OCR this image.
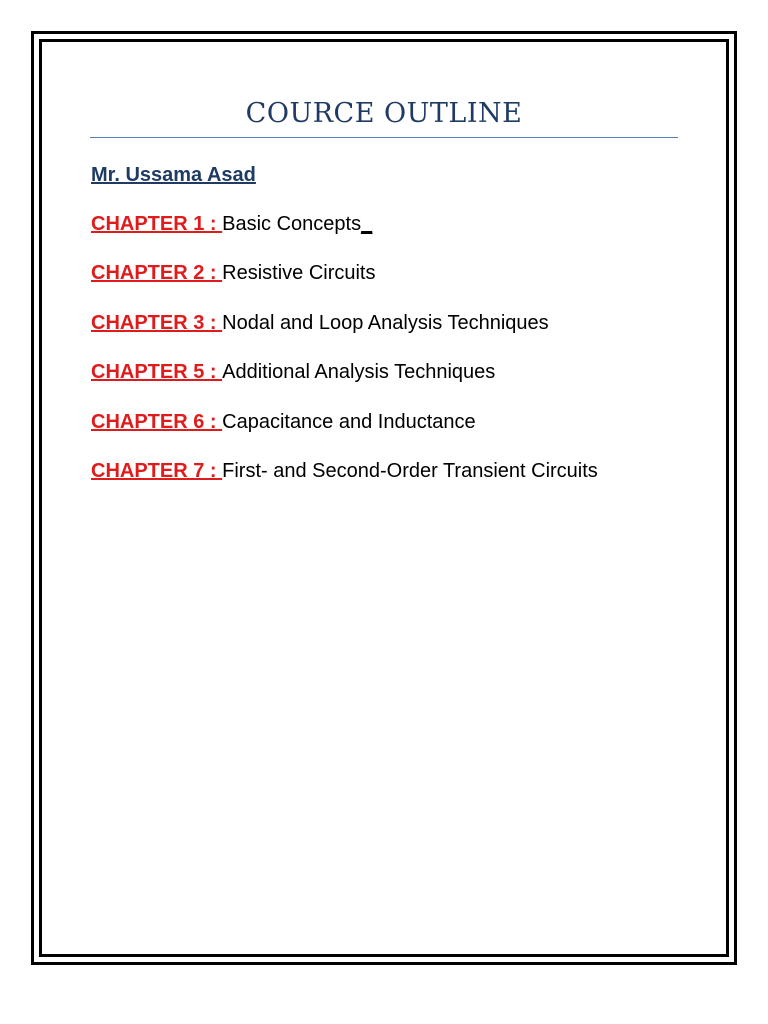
COURCE OUTLINE
Mr. Ussama Asad
CHAPTER 1 : Basic Concepts_
CHAPTER 2 : Resistive Circuits
CHAPTER 3 : Nodal and Loop Analysis Techniques
CHAPTER 5 : Additional Analysis Techniques
CHAPTER 6 : Capacitance and Inductance
CHAPTER 7 : First- and Second-Order Transient Circuits
